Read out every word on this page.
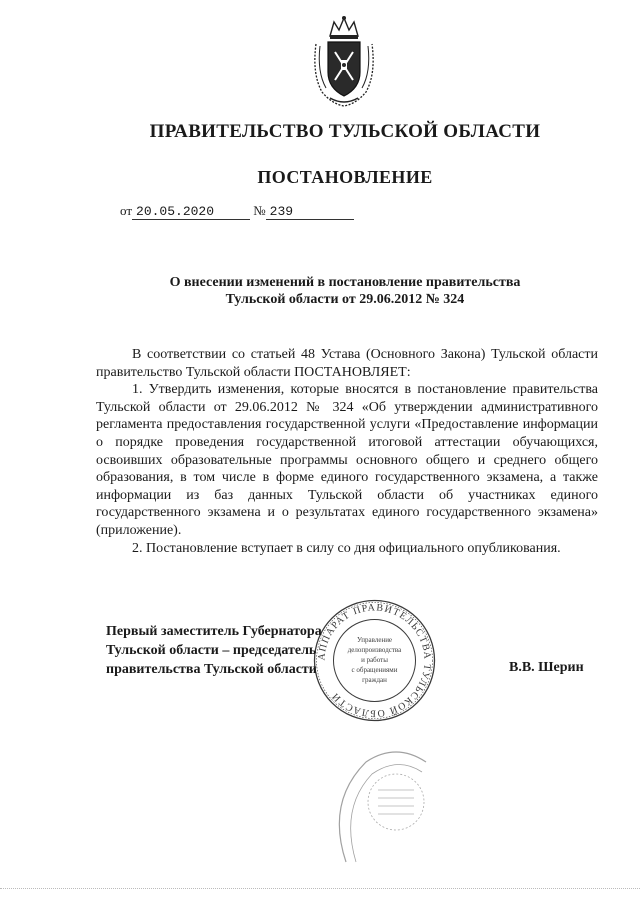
ПРАВИТЕЛЬСТВО ТУЛЬСКОЙ ОБЛАСТИ
ПОСТАНОВЛЕНИЕ
от 20.05.2020	№ 239
О внесении изменений в постановление правительства
Тульской области от 29.06.2012 № 324

В соответствии со статьей 48 Устава (Основного Закона) Тульской области правительство Тульской области ПОСТАНОВЛЯЕТ:

1. Утвердить изменения, которые вносятся в постановление правительства Тульской области от 29.06.2012 № 324 «Об утверждении административного регламента предоставления государственной услуги «Предоставление информации о порядке проведения государственной итоговой аттестации обучающихся, освоивших образовательные программы основного общего и среднего общего образования, в том числе в форме единого государственного экзамена, а также информации из баз данных Тульской области об участниках единого государственного экзамена и о результатах единого государственного экзамена» (приложение).

2. Постановление вступает в силу со дня официального опубликования.

АППАРАТ ПРАВИТЕЛЬСТВА ТУЛЬСКОЙ ОБЛАСТИ
Управление
делопроизводства
и работы
с обращениями
граждан
Первый заместитель Губернатора
Тульской области – председатель
правительства Тульской области	В.В. Шерин
